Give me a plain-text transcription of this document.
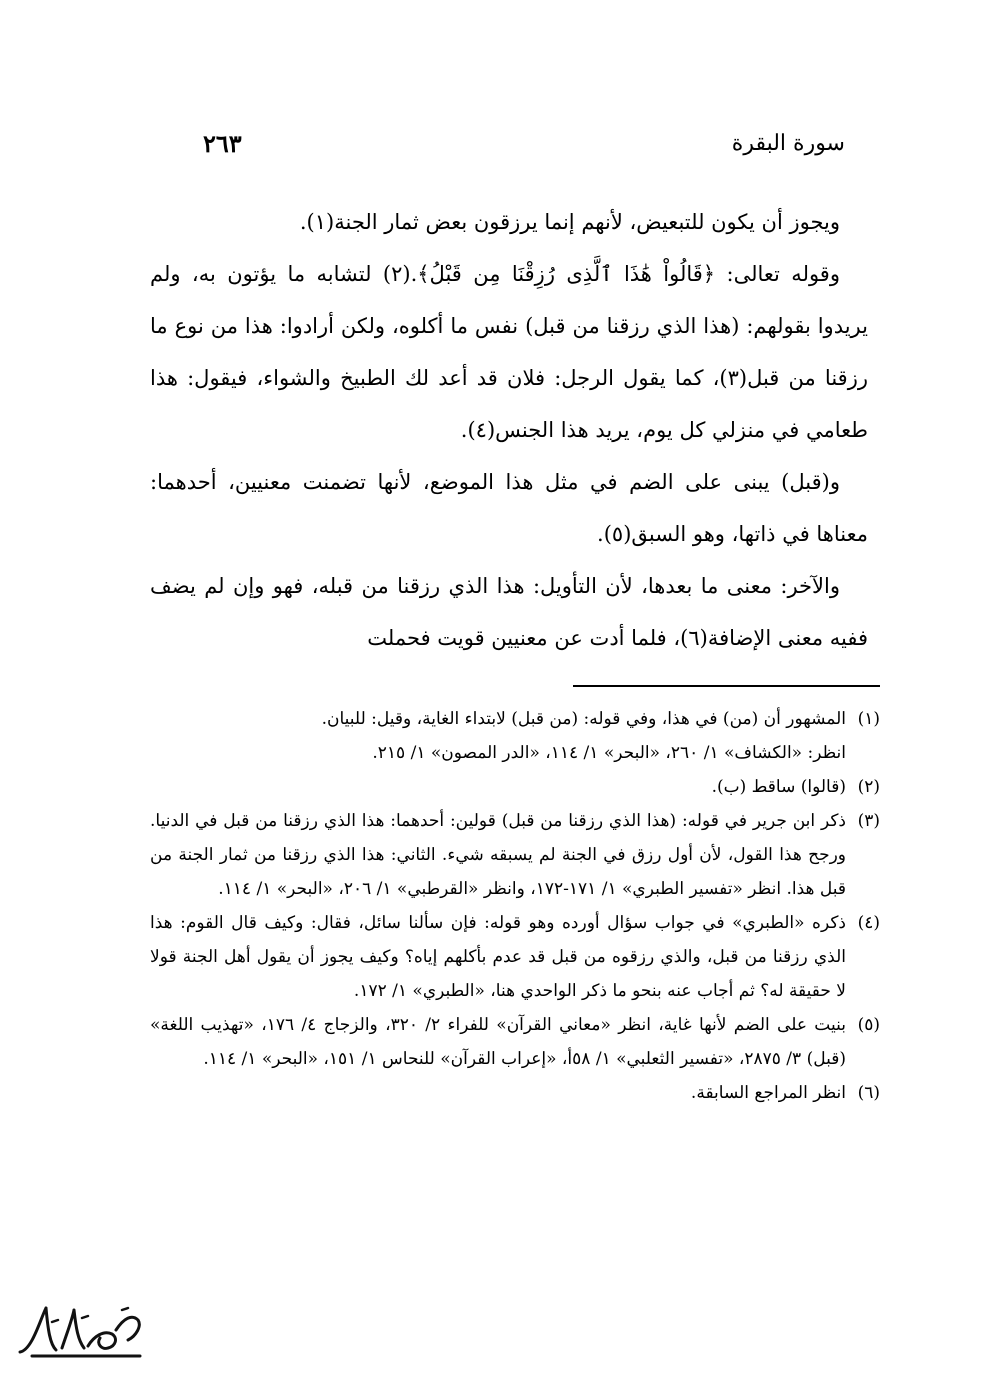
سورة البقرة
٢٦٣

ويجوز أن يكون للتبعيض، لأنهم إنما يرزقون بعض ثمار الجنة(١).

وقوله تعالى: ﴿قَالُواْ هَٰذَا ٱلَّذِى رُزِقْنَا مِن قَبْلُ﴾.(٢) لتشابه ما يؤتون به، ولم يريدوا بقولهم: (هذا الذي رزقنا من قبل) نفس ما أكلوه، ولكن أرادوا: هذا من نوع ما رزقنا من قبل(٣)، كما يقول الرجل: فلان قد أعد لك الطبيخ والشواء، فيقول: هذا طعامي في منزلي كل يوم، يريد هذا الجنس(٤).

و(قبل) يبنى على الضم في مثل هذا الموضع، لأنها تضمنت معنيين، أحدهما: معناها في ذاتها، وهو السبق(٥).

والآخر: معنى ما بعدها، لأن التأويل: هذا الذي رزقنا من قبله، فهو وإن لم يضف ففيه معنى الإضافة(٦)، فلما أدت عن معنيين قويت فحملت

(١)
المشهور أن (من) في هذا، وفي قوله: (من قبل) لابتداء الغاية، وقيل: للبيان.
انظر: «الكشاف» ١/ ٢٦٠، «البحر» ١/ ١١٤، «الدر المصون» ١/ ٢١٥.
(٢)
(قالوا) ساقط (ب).
(٣)
ذكر ابن جرير في قوله: (هذا الذي رزقنا من قبل) قولين: أحدهما: هذا الذي رزقنا من قبل في الدنيا. ورجح هذا القول، لأن أول رزق في الجنة لم يسبقه شيء. الثاني: هذا الذي رزقنا من ثمار الجنة من قبل هذا. انظر «تفسير الطبري» ١/ ١٧١-١٧٢، وانظر «القرطبي» ١/ ٢٠٦، «البحر» ١/ ١١٤.
(٤)
ذكره «الطبري» في جواب سؤال أورده وهو قوله: فإن سألنا سائل، فقال: وكيف قال القوم: هذا الذي رزقنا من قبل، والذي رزقوه من قبل قد عدم بأكلهم إياه؟ وكيف يجوز أن يقول أهل الجنة قولا لا حقيقة له؟ ثم أجاب عنه بنحو ما ذكر الواحدي هنا، «الطبري» ١/ ١٧٢.
(٥)
بنيت على الضم لأنها غاية، انظر «معاني القرآن» للفراء ٢/ ٣٢٠، والزجاج ٤/ ١٧٦، «تهذيب اللغة» (قبل) ٣/ ٢٨٧٥، «تفسير الثعلبي» ١/ ٥٨أ، «إعراب القرآن» للنحاس ١/ ١٥١، «البحر» ١/ ١١٤.
(٦)
انظر المراجع السابقة.
